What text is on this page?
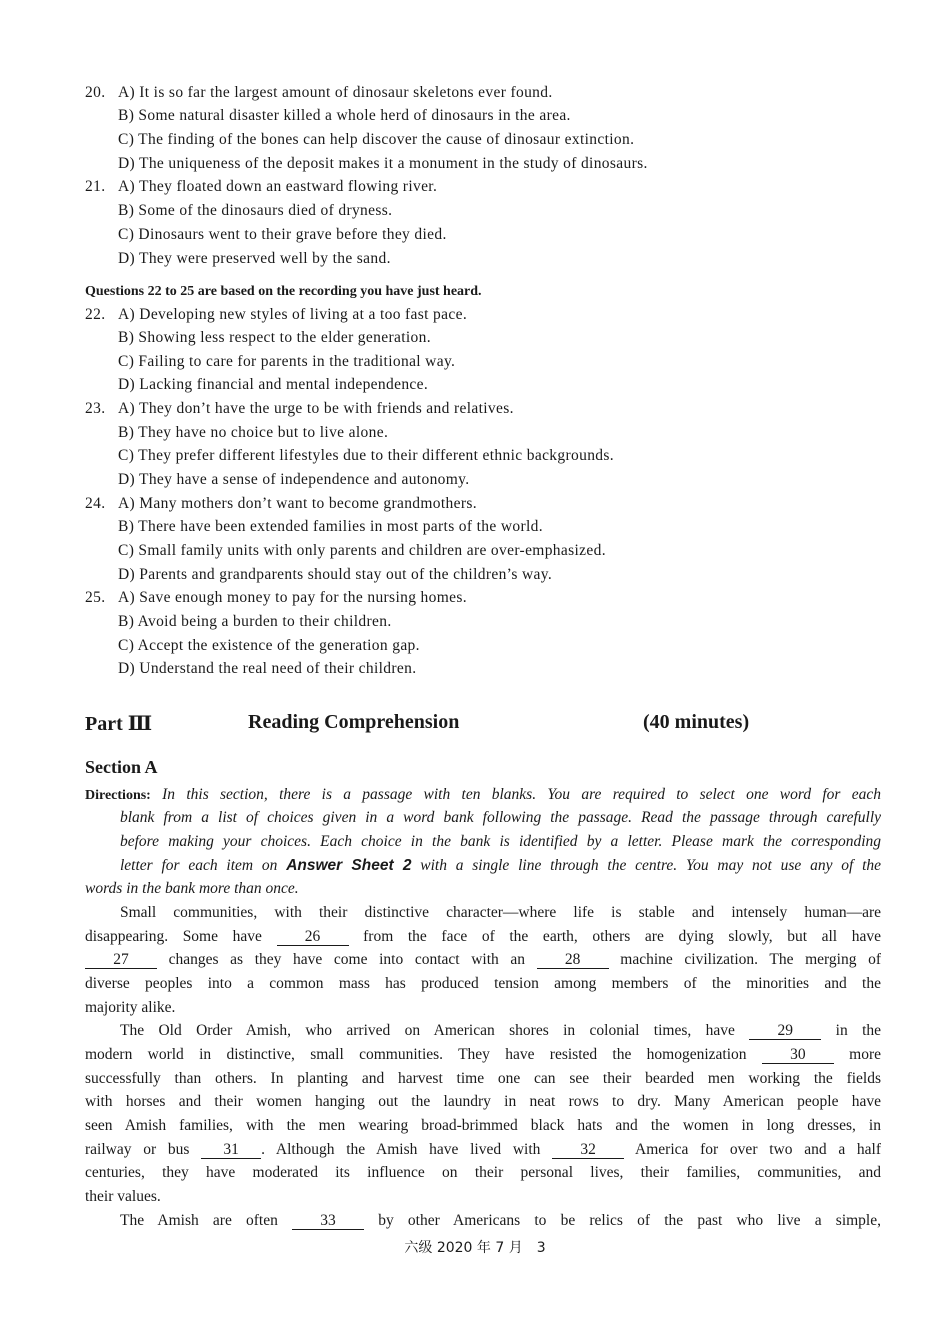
20. A) It is so far the largest amount of dinosaur skeletons ever found.
B) Some natural disaster killed a whole herd of dinosaurs in the area.
C) The finding of the bones can help discover the cause of dinosaur extinction.
D) The uniqueness of the deposit makes it a monument in the study of dinosaurs.
21. A) They floated down an eastward flowing river.
B) Some of the dinosaurs died of dryness.
C) Dinosaurs went to their grave before they died.
D) They were preserved well by the sand.
Questions 22 to 25 are based on the recording you have just heard.
22. A) Developing new styles of living at a too fast pace.
B) Showing less respect to the elder generation.
C) Failing to care for parents in the traditional way.
D) Lacking financial and mental independence.
23. A) They don’t have the urge to be with friends and relatives.
B) They have no choice but to live alone.
C) They prefer different lifestyles due to their different ethnic backgrounds.
D) They have a sense of independence and autonomy.
24. A) Many mothers don’t want to become grandmothers.
B) There have been extended families in most parts of the world.
C) Small family units with only parents and children are over-emphasized.
D) Parents and grandparents should stay out of the children’s way.
25. A) Save enough money to pay for the nursing homes.
B) Avoid being a burden to their children.
C) Accept the existence of the generation gap.
D) Understand the real need of their children.
Part Ⅲ	Reading Comprehension	(40 minutes)
Section A
Directions: In this section, there is a passage with ten blanks. You are required to select one word for each
blank from a list of choices given in a word bank following the passage. Read the passage through carefully
before making your choices. Each choice in the bank is identified by a letter. Please mark the corresponding
letter for each item on Answer Sheet 2 with a single line through the centre. You may not use any of the
words in the bank more than once.
Small communities, with their distinctive character—where life is stable and intensely human—are
disappearing. Some have	26	from the face of the earth, others are dying slowly, but all have
27	changes as they have come into contact with an	28	machine civilization. The merging of
diverse peoples into a common mass has produced tension among members of the minorities and the
majority alike.
The Old Order Amish, who arrived on American shores in colonial times, have	29	in the
modern world in distinctive, small communities. They have resisted the homogenization	30	more
successfully than others. In planting and harvest time one can see their bearded men working the fields
with horses and their women hanging out the laundry in neat rows to dry. Many American people have
seen Amish families, with the men wearing broad-brimmed black hats and the women in long dresses, in
railway or bus 31 . Although the Amish have lived with	32	America for over two and a half
centuries, they have moderated its influence on their personal lives, their families, communities, and
their values.
The Amish are often	33	by other Americans to be relics of the past who live a simple,
六级 2020 年 7 月　3
